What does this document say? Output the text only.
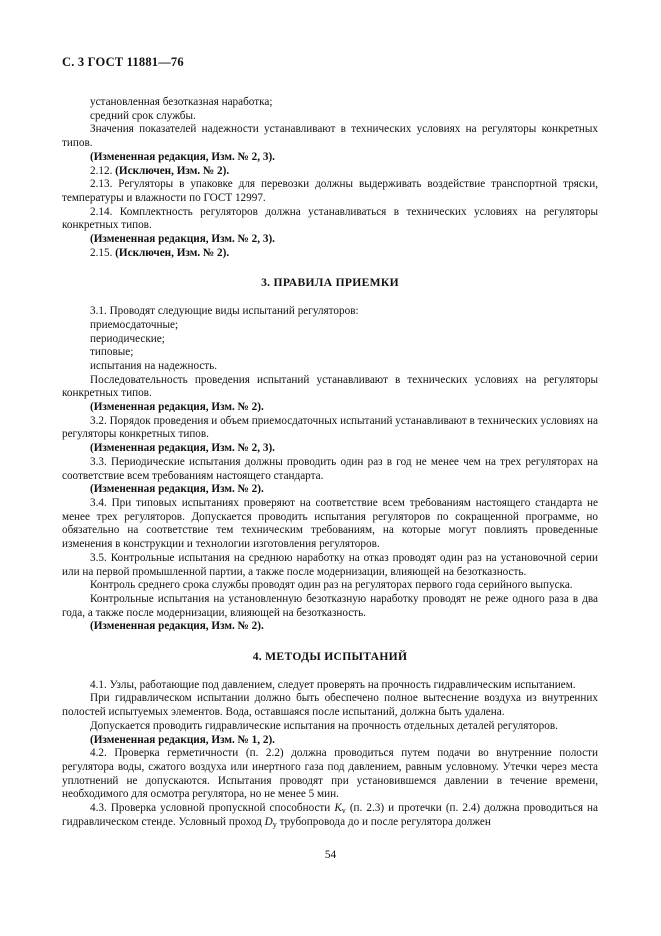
С. 3 ГОСТ 11881—76
установленная безотказная наработка;
средний срок службы.
Значения показателей надежности устанавливают в технических условиях на регуляторы конкретных типов.
(Измененная редакция, Изм. № 2, 3).
2.12. (Исключен, Изм. № 2).
2.13. Регуляторы в упаковке для перевозки должны выдерживать воздействие транспортной тряски, температуры и влажности по ГОСТ 12997.
2.14. Комплектность регуляторов должна устанавливаться в технических условиях на регуляторы конкретных типов.
(Измененная редакция, Изм. № 2, 3).
2.15. (Исключен, Изм. № 2).
3. ПРАВИЛА ПРИЕМКИ
3.1. Проводят следующие виды испытаний регуляторов:
приемосдаточные;
периодические;
типовые;
испытания на надежность.
Последовательность проведения испытаний устанавливают в технических условиях на регуляторы конкретных типов.
(Измененная редакция, Изм. № 2).
3.2. Порядок проведения и объем приемосдаточных испытаний устанавливают в технических условиях на регуляторы конкретных типов.
(Измененная редакция, Изм. № 2, 3).
3.3. Периодические испытания должны проводить один раз в год не менее чем на трех регуляторах на соответствие всем требованиям настоящего стандарта.
(Измененная редакция, Изм. № 2).
3.4. При типовых испытаниях проверяют на соответствие всем требованиям настоящего стандарта не менее трех регуляторов. Допускается проводить испытания регуляторов по сокращенной программе, но обязательно на соответствие тем техническим требованиям, на которые могут повлиять проведенные изменения в конструкции и технологии изготовления регуляторов.
3.5. Контрольные испытания на среднюю наработку на отказ проводят один раз на установочной серии или на первой промышленной партии, а также после модернизации, влияющей на безотказность.
Контроль среднего срока службы проводят один раз на регуляторах первого года серийного выпуска.
Контрольные испытания на установленную безотказную наработку проводят не реже одного раза в два года, а также после модернизации, влияющей на безотказность.
(Измененная редакция, Изм. № 2).
4. МЕТОДЫ ИСПЫТАНИЙ
4.1. Узлы, работающие под давлением, следует проверять на прочность гидравлическим испытанием.
При гидравлическом испытании должно быть обеспечено полное вытеснение воздуха из внутренних полостей испытуемых элементов. Вода, оставшаяся после испытаний, должна быть удалена.
Допускается проводить гидравлические испытания на прочность отдельных деталей регуляторов.
(Измененная редакция, Изм. № 1, 2).
4.2. Проверка герметичности (п. 2.2) должна проводиться путем подачи во внутренние полости регулятора воды, сжатого воздуха или инертного газа под давлением, равным условному. Утечки через места уплотнений не допускаются. Испытания проводят при установившемся давлении в течение времени, необходимого для осмотра регулятора, но не менее 5 мин.
4.3. Проверка условной пропускной способности $K_v$ (п. 2.3) и протечки (п. 2.4) должна проводиться на гидравлическом стенде. Условный проход $D_y$ трубопровода до и после регулятора должен
54
